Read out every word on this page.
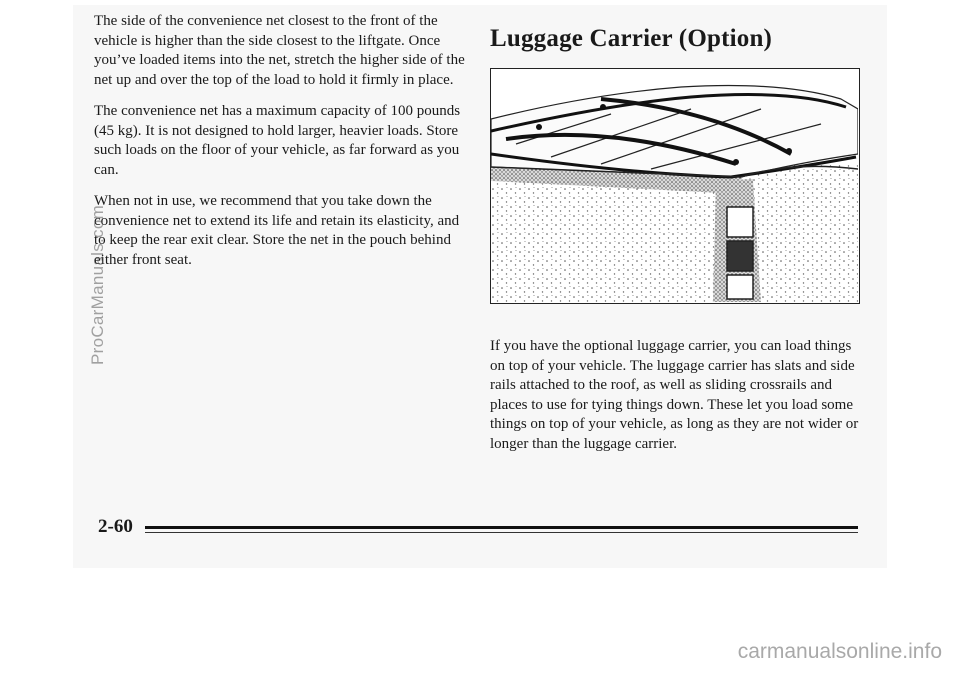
The side of the convenience net closest to the front of the vehicle is higher than the side closest to the liftgate. Once you’ve loaded items into the net, stretch the higher side of the net up and over the top of the load to hold it firmly in place.

The convenience net has a maximum capacity of 100 pounds (45 kg). It is not designed to hold larger, heavier loads. Store such loads on the floor of your vehicle, as far forward as you can.

When not in use, we recommend that you take down the convenience net to extend its life and retain its elasticity, and to keep the rear exit clear. Store the net in the pouch behind either front seat.

Luggage Carrier (Option)
If you have the optional luggage carrier, you can load things on top of your vehicle. The luggage carrier has slats and side rails attached to the roof, as well as sliding crossrails and places to use for tying things down. These let you load some things on top of your vehicle, as long as they are not wider or longer than the luggage carrier.
2-60
ProCarManuals.com
carmanualsonline.info
